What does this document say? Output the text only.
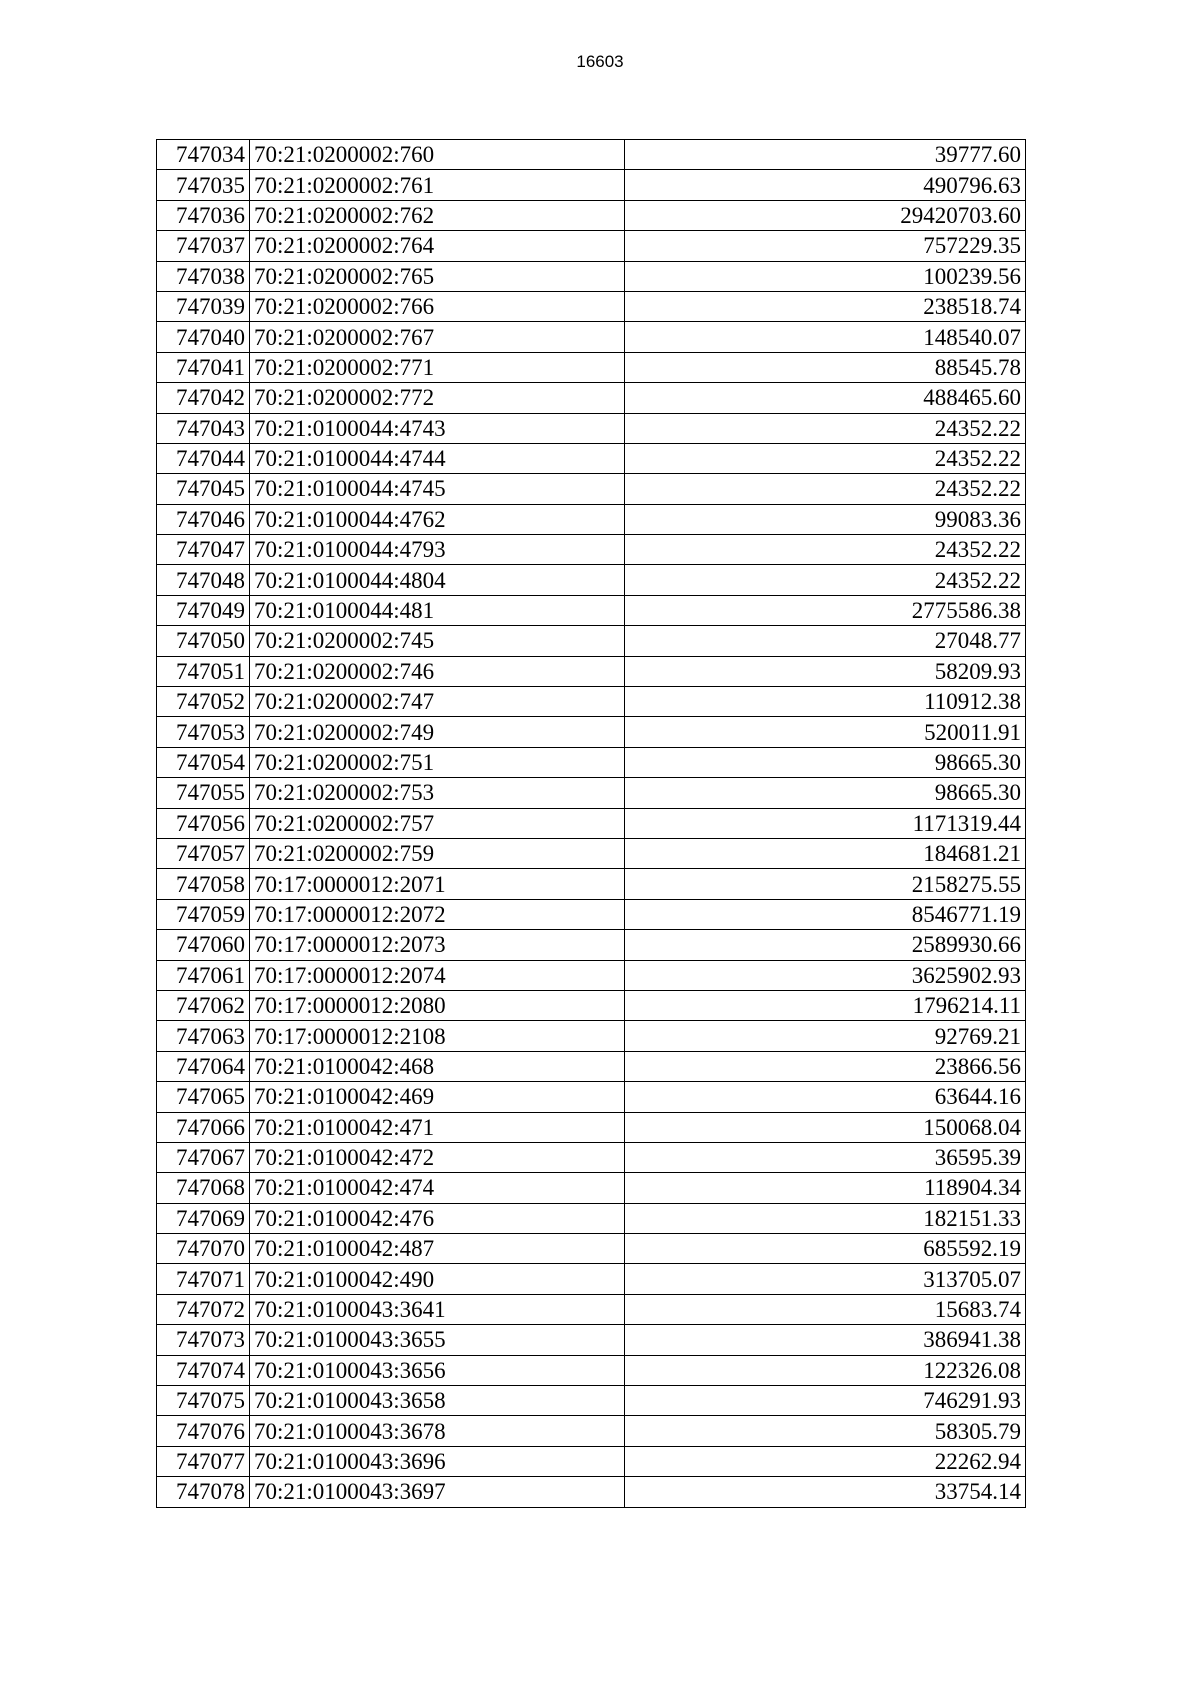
16603
747034	70:21:0200002:760	39777.60
747035	70:21:0200002:761	490796.63
747036	70:21:0200002:762	29420703.60
747037	70:21:0200002:764	757229.35
747038	70:21:0200002:765	100239.56
747039	70:21:0200002:766	238518.74
747040	70:21:0200002:767	148540.07
747041	70:21:0200002:771	88545.78
747042	70:21:0200002:772	488465.60
747043	70:21:0100044:4743	24352.22
747044	70:21:0100044:4744	24352.22
747045	70:21:0100044:4745	24352.22
747046	70:21:0100044:4762	99083.36
747047	70:21:0100044:4793	24352.22
747048	70:21:0100044:4804	24352.22
747049	70:21:0100044:481	2775586.38
747050	70:21:0200002:745	27048.77
747051	70:21:0200002:746	58209.93
747052	70:21:0200002:747	110912.38
747053	70:21:0200002:749	520011.91
747054	70:21:0200002:751	98665.30
747055	70:21:0200002:753	98665.30
747056	70:21:0200002:757	1171319.44
747057	70:21:0200002:759	184681.21
747058	70:17:0000012:2071	2158275.55
747059	70:17:0000012:2072	8546771.19
747060	70:17:0000012:2073	2589930.66
747061	70:17:0000012:2074	3625902.93
747062	70:17:0000012:2080	1796214.11
747063	70:17:0000012:2108	92769.21
747064	70:21:0100042:468	23866.56
747065	70:21:0100042:469	63644.16
747066	70:21:0100042:471	150068.04
747067	70:21:0100042:472	36595.39
747068	70:21:0100042:474	118904.34
747069	70:21:0100042:476	182151.33
747070	70:21:0100042:487	685592.19
747071	70:21:0100042:490	313705.07
747072	70:21:0100043:3641	15683.74
747073	70:21:0100043:3655	386941.38
747074	70:21:0100043:3656	122326.08
747075	70:21:0100043:3658	746291.93
747076	70:21:0100043:3678	58305.79
747077	70:21:0100043:3696	22262.94
747078	70:21:0100043:3697	33754.14
